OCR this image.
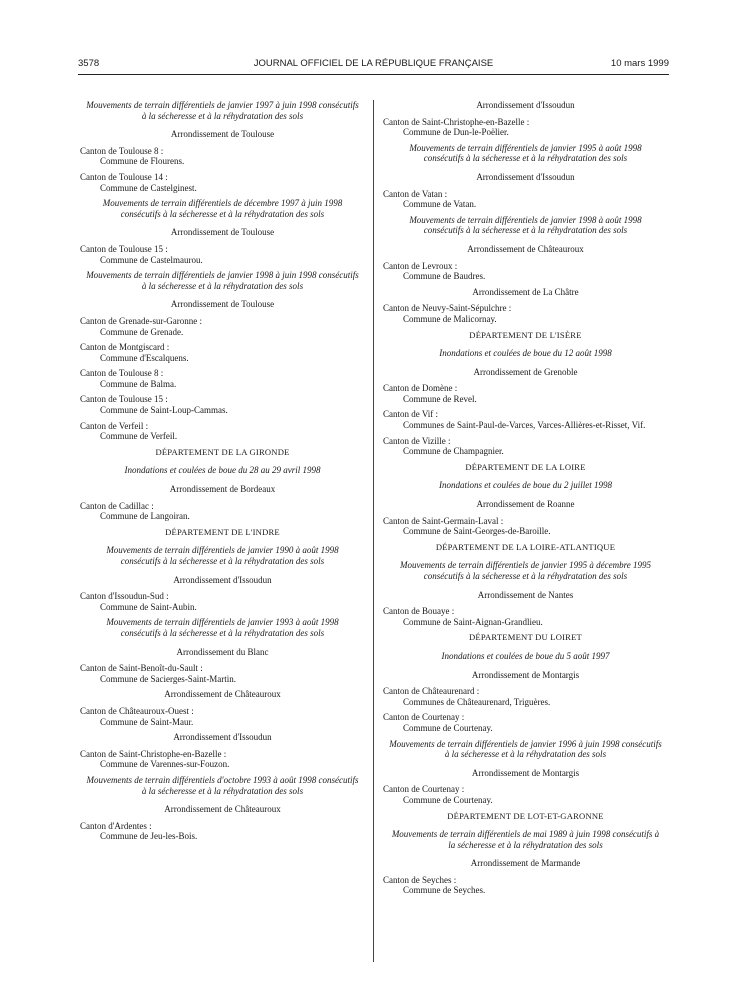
3578	JOURNAL OFFICIEL DE LA RÉPUBLIQUE FRANÇAISE	10 mars 1999
Mouvements de terrain différentiels de janvier 1997 à juin 1998 consécutifs à la sécheresse et à la réhydratation des sols
Arrondissement de Toulouse
Canton de Toulouse 8 :
Commune de Flourens.
Canton de Toulouse 14 :
Commune de Castelginest.
Mouvements de terrain différentiels de décembre 1997 à juin 1998 consécutifs à la sécheresse et à la réhydratation des sols
Arrondissement de Toulouse
Canton de Toulouse 15 :
Commune de Castelmaurou.
Mouvements de terrain différentiels de janvier 1998 à juin 1998 consécutifs à la sécheresse et à la réhydratation des sols
Arrondissement de Toulouse
Canton de Grenade-sur-Garonne :
Commune de Grenade.
Canton de Montgiscard :
Commune d'Escalquens.
Canton de Toulouse 8 :
Commune de Balma.
Canton de Toulouse 15 :
Commune de Saint-Loup-Cammas.
Canton de Verfeil :
Commune de Verfeil.
DÉPARTEMENT DE LA GIRONDE
Inondations et coulées de boue du 28 au 29 avril 1998
Arrondissement de Bordeaux
Canton de Cadillac :
Commune de Langoiran.
DÉPARTEMENT DE L'INDRE
Mouvements de terrain différentiels de janvier 1990 à août 1998 consécutifs à la sécheresse et à la réhydratation des sols
Arrondissement d'Issoudun
Canton d'Issoudun-Sud :
Commune de Saint-Aubin.
Mouvements de terrain différentiels de janvier 1993 à août 1998 consécutifs à la sécheresse et à la réhydratation des sols
Arrondissement du Blanc
Canton de Saint-Benoît-du-Sault :
Commune de Sacierges-Saint-Martin.
Arrondissement de Châteauroux
Canton de Châteauroux-Ouest :
Commune de Saint-Maur.
Arrondissement d'Issoudun
Canton de Saint-Christophe-en-Bazelle :
Commune de Varennes-sur-Fouzon.
Mouvements de terrain différentiels d'octobre 1993 à août 1998 consécutifs à la sécheresse et à la réhydratation des sols
Arrondissement de Châteauroux
Canton d'Ardentes :
Commune de Jeu-les-Bois.
Arrondissement d'Issoudun
Canton de Saint-Christophe-en-Bazelle :
Commune de Dun-le-Poëlier.
Mouvements de terrain différentiels de janvier 1995 à août 1998 consécutifs à la sécheresse et à la réhydratation des sols
Arrondissement d'Issoudun
Canton de Vatan :
Commune de Vatan.
Mouvements de terrain différentiels de janvier 1998 à août 1998 consécutifs à la sécheresse et à la réhydratation des sols
Arrondissement de Châteauroux
Canton de Levroux :
Commune de Baudres.
Arrondissement de La Châtre
Canton de Neuvy-Saint-Sépulchre :
Commune de Malicornay.
DÉPARTEMENT DE L'ISÈRE
Inondations et coulées de boue du 12 août 1998
Arrondissement de Grenoble
Canton de Domène :
Commune de Revel.
Canton de Vif :
Communes de Saint-Paul-de-Varces, Varces-Allières-et-Risset, Vif.
Canton de Vizille :
Commune de Champagnier.
DÉPARTEMENT DE LA LOIRE
Inondations et coulées de boue du 2 juillet 1998
Arrondissement de Roanne
Canton de Saint-Germain-Laval :
Commune de Saint-Georges-de-Baroille.
DÉPARTEMENT DE LA LOIRE-ATLANTIQUE
Mouvements de terrain différentiels de janvier 1995 à décembre 1995 consécutifs à la sécheresse et à la réhydratation des sols
Arrondissement de Nantes
Canton de Bouaye :
Commune de Saint-Aignan-Grandlieu.
DÉPARTEMENT DU LOIRET
Inondations et coulées de boue du 5 août 1997
Arrondissement de Montargis
Canton de Châteaurenard :
Communes de Châteaurenard, Triguères.
Canton de Courtenay :
Commune de Courtenay.
Mouvements de terrain différentiels de janvier 1996 à juin 1998 consécutifs à la sécheresse et à la réhydratation des sols
Arrondissement de Montargis
Canton de Courtenay :
Commune de Courtenay.
DÉPARTEMENT DE LOT-ET-GARONNE
Mouvements de terrain différentiels de mai 1989 à juin 1998 consécutifs à la sécheresse et à la réhydratation des sols
Arrondissement de Marmande
Canton de Seyches :
Commune de Seyches.
